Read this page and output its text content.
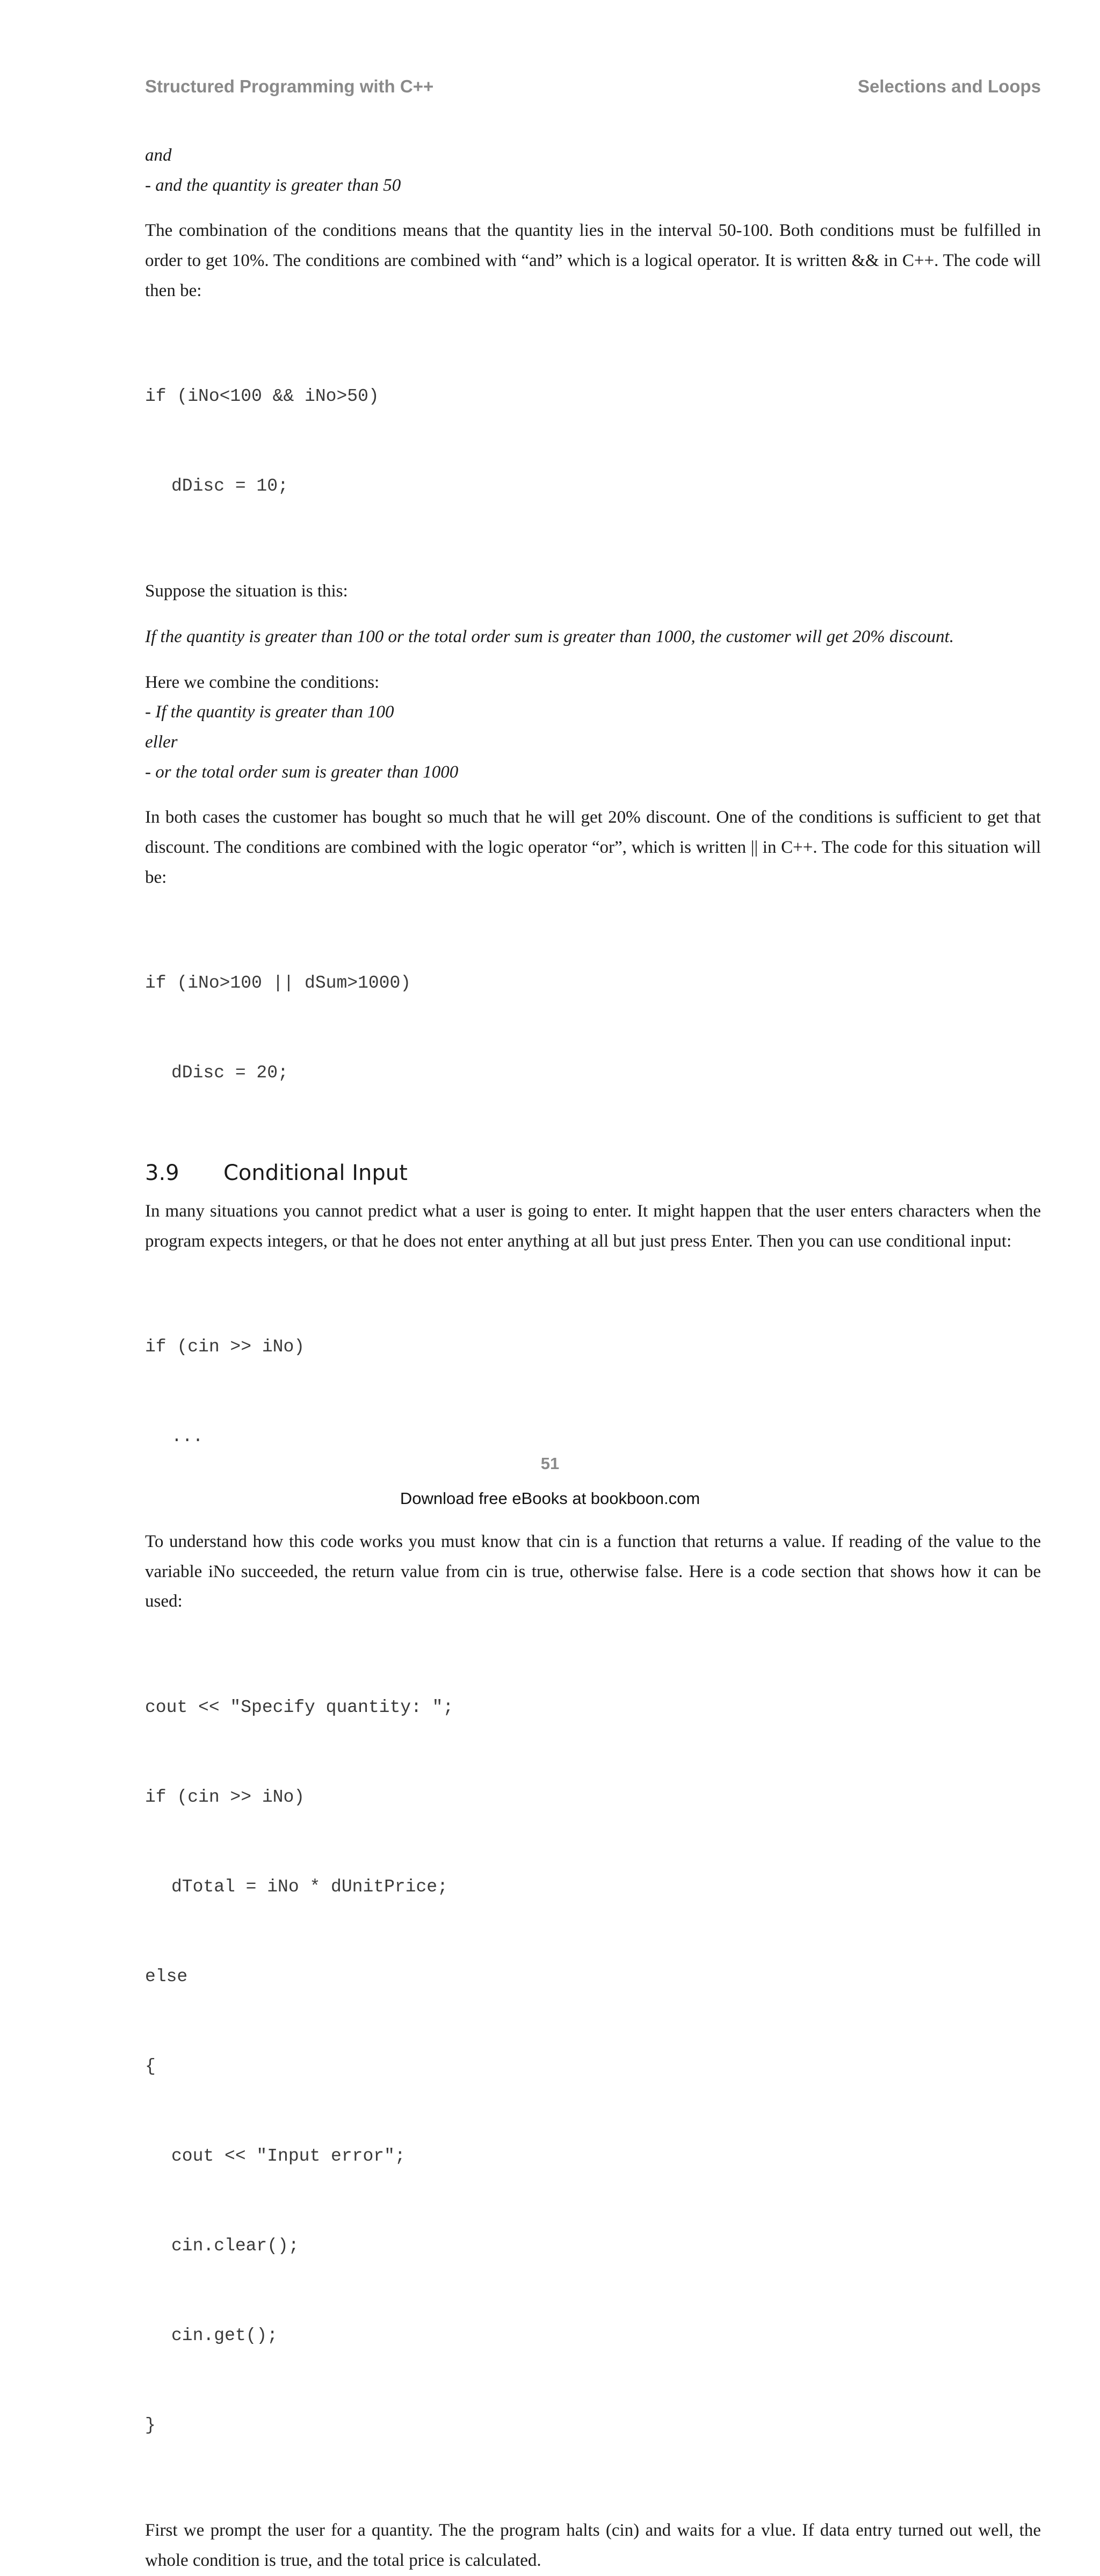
Structured Programming with C++	Selections and Loops

and
- and the quantity is greater than 50

The combination of the conditions means that the quantity lies in the interval 50-100. Both conditions must be fulfilled in order to get 10%. The conditions are combined with “and” which is a logical operator. It is written && in C++. The code will then be:

if (iNo<100 && iNo>50)

dDisc = 10;

Suppose the situation is this:

If the quantity is greater than 100 or the total order sum is greater than 1000, the customer will get 20% discount.

Here we combine the conditions:
- If the quantity is greater than 100
eller
- or the total order sum is greater than 1000

In both cases the customer has bought so much that he will get 20% discount. One of the conditions is sufficient to get that discount. The conditions are combined with the logic operator “or”, which is written || in C++. The code for this situation will be:

if (iNo>100 || dSum>1000)

dDisc = 20;

3.9 Conditional Input

In many situations you cannot predict what a user is going to enter. It might happen that the user enters characters when the program expects integers, or that he does not enter anything at all but just press Enter. Then you can use conditional input:

if (cin >> iNo)

...

To understand how this code works you must know that cin is a function that returns a value. If reading of the value to the variable iNo succeeded, the return value from cin is true, otherwise false. Here is a code section that shows how it can be used:

cout << "Specify quantity: ";

if (cin >> iNo)

dTotal = iNo * dUnitPrice;

else

{

cout << "Input error";

cin.clear();

cin.get();

}

First we prompt the user for a quantity. The the program halts (cin) and waits for a vlue. If data entry turned out well, the whole condition is true, and the total price is calculated.

51
Download free eBooks at bookboon.com
